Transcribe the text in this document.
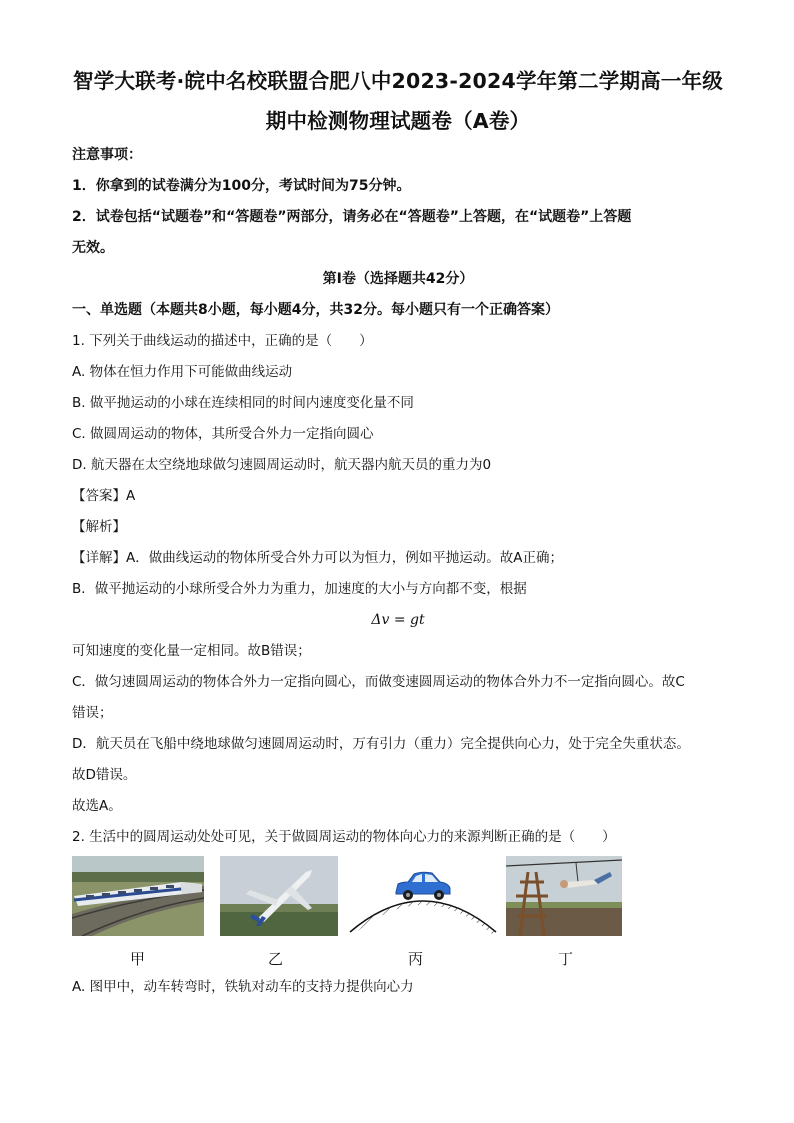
智学大联考·皖中名校联盟合肥八中2023-2024学年第二学期高一年级
期中检测物理试题卷（A卷）
注意事项：
1．你拿到的试卷满分为100分，考试时间为75分钟。
2．试卷包括“试题卷”和“答题卷”两部分，请务必在“答题卷”上答题，在“试题卷”上答题
无效。
第Ⅰ卷（选择题共42分）
一、单选题（本题共8小题，每小题4分，共32分。每小题只有一个正确答案）
1. 下列关于曲线运动的描述中，正确的是（　　）
A. 物体在恒力作用下可能做曲线运动
B. 做平抛运动的小球在连续相同的时间内速度变化量不同
C. 做圆周运动的物体，其所受合外力一定指向圆心
D. 航天器在太空绕地球做匀速圆周运动时，航天器内航天员的重力为0
【答案】A
【解析】
【详解】A．做曲线运动的物体所受合外力可以为恒力，例如平抛运动。故A正确；
B．做平抛运动的小球所受合外力为重力，加速度的大小与方向都不变，根据
Δv = gt
可知速度的变化量一定相同。故B错误；
C．做匀速圆周运动的物体合外力一定指向圆心，而做变速圆周运动的物体合外力不一定指向圆心。故C
错误；
D．航天员在飞船中绕地球做匀速圆周运动时，万有引力（重力）完全提供向心力，处于完全失重状态。
故D错误。
故选A。
2. 生活中的圆周运动处处可见，关于做圆周运动的物体向心力的来源判断正确的是（　　）
甲	乙	丙	丁
A. 图甲中，动车转弯时，铁轨对动车的支持力提供向心力
